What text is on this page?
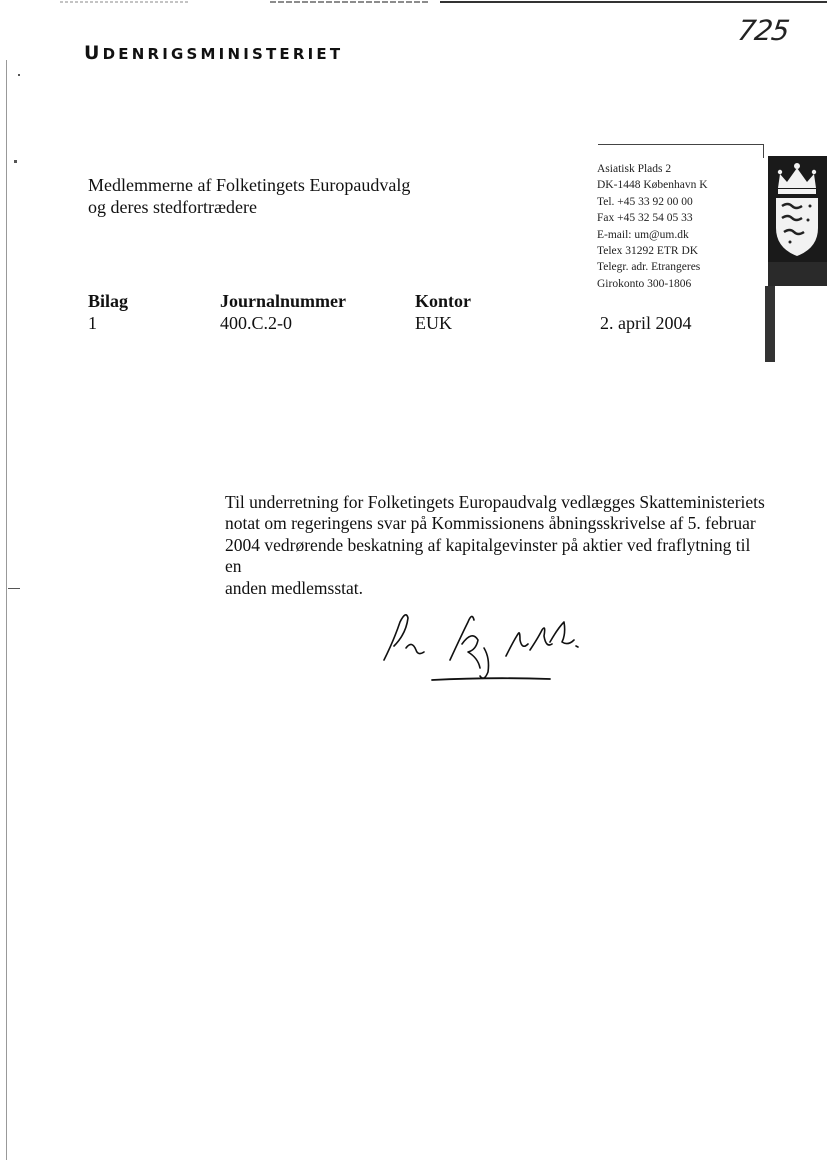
UDENRIGSMINISTERIET
725
Medlemmerne af Folketingets Europaudvalg
og deres stedfortrædere
Asiatisk Plads 2
DK-1448 København K
Tel. +45 33 92 00 00
Fax +45 32 54 05 33
E-mail: um@um.dk
Telex 31292 ETR DK
Telegr. adr. Etrangeres
Girokonto 300-1806
Bilag
1
Journalnummer
400.C.2-0
Kontor
EUK	2. april 2004
Til underretning for Folketingets Europaudvalg vedlægges Skatteministeriets
notat om regeringens svar på Kommissionens åbningsskrivelse af 5. februar
2004 vedrørende beskatning af kapitalgevinster på aktier ved fraflytning til en
anden medlemsstat.
